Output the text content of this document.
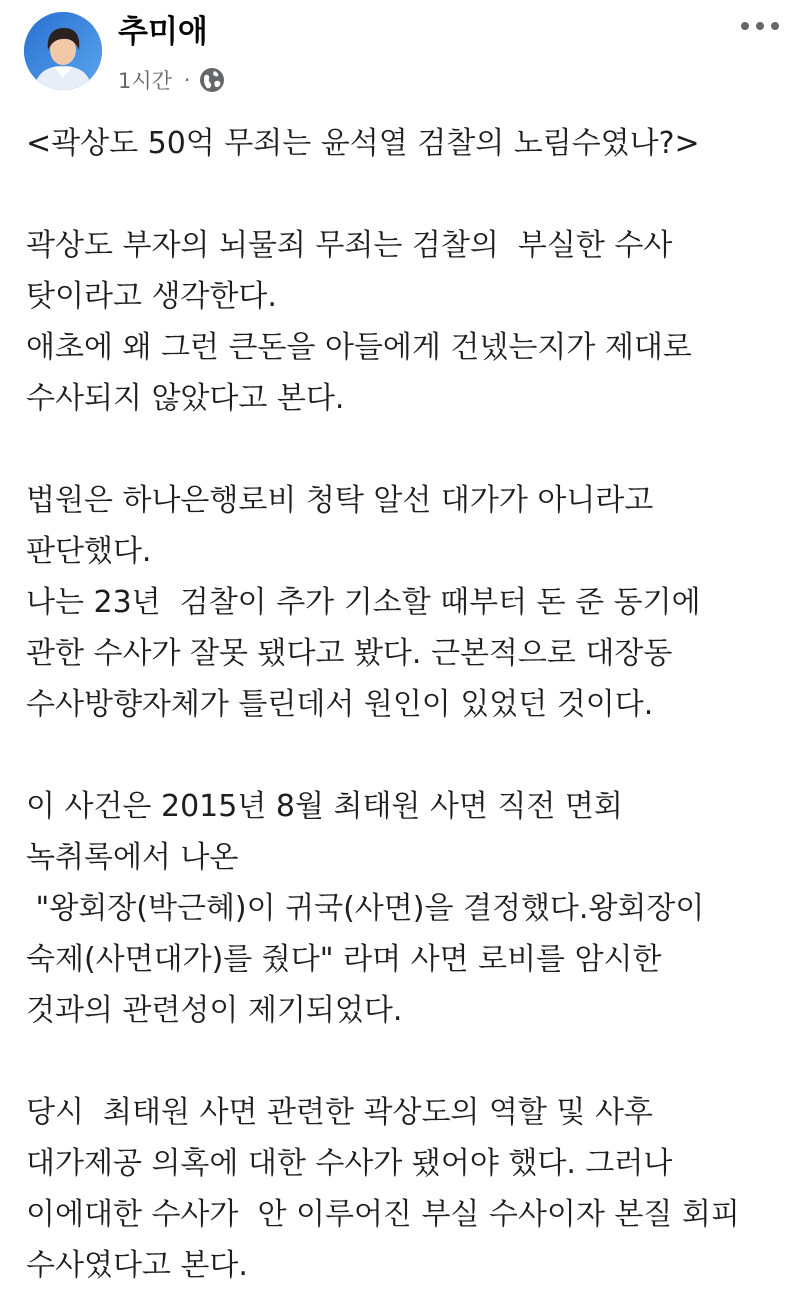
추미애
1시간 ·
<곽상도 50억 무죄는 윤석열 검찰의 노림수였나?>
곽상도 부자의 뇌물죄 무죄는 검찰의  부실한 수사
탓이라고 생각한다.
애초에 왜 그런 큰돈을 아들에게 건넸는지가 제대로
수사되지 않았다고 본다.
법원은 하나은행로비 청탁 알선 대가가 아니라고
판단했다.
나는 23년  검찰이 추가 기소할 때부터 돈 준 동기에
관한 수사가 잘못 됐다고 봤다. 근본적으로 대장동
수사방향자체가 틀린데서 원인이 있었던 것이다.
이 사건은 2015년 8월 최태원 사면 직전 면회
녹취록에서 나온
"왕회장(박근혜)이 귀국(사면)을 결정했다.왕회장이
숙제(사면대가)를 줬다" 라며 사면 로비를 암시한
것과의 관련성이 제기되었다.
당시  최태원 사면 관련한 곽상도의 역할 및 사후
대가제공 의혹에 대한 수사가 됐어야 했다. 그러나
이에대한 수사가  안 이루어진 부실 수사이자 본질 회피
수사였다고 본다.
